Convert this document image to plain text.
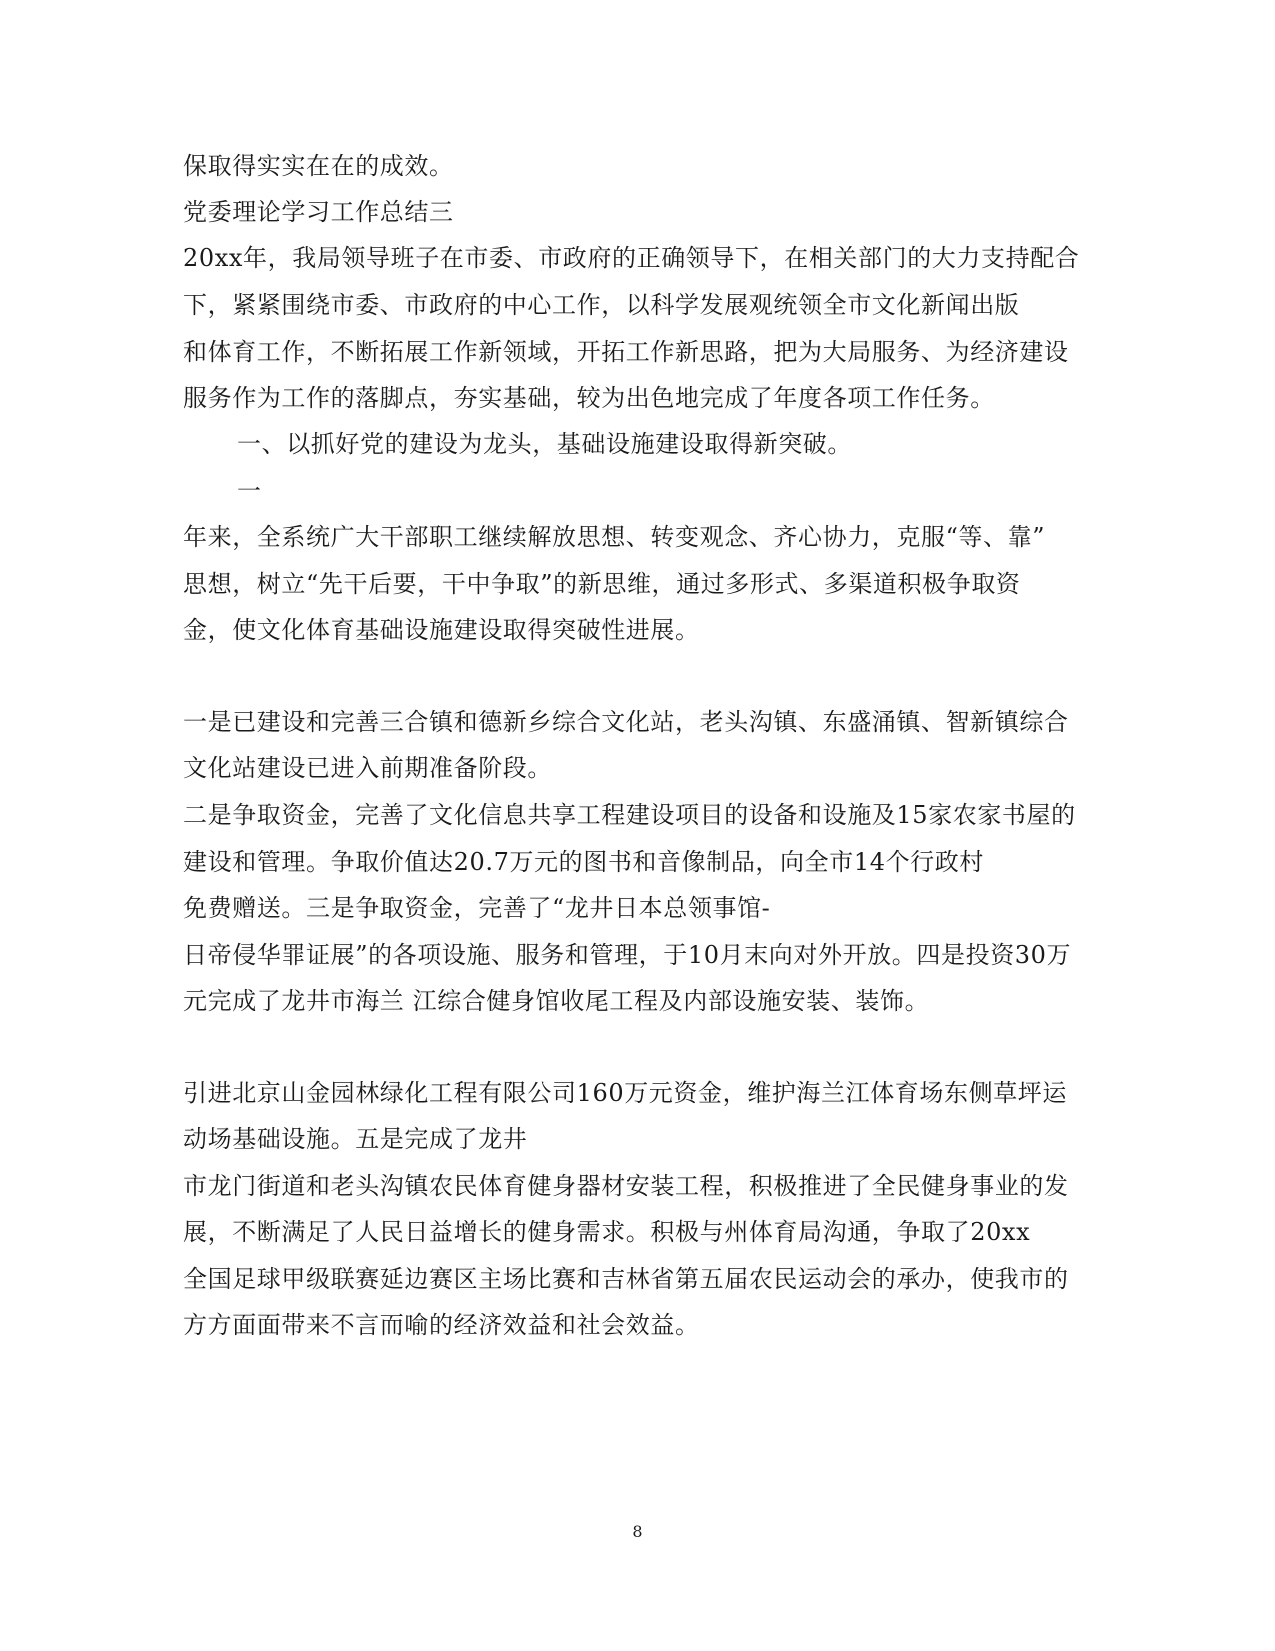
保取得实实在在的成效。
党委理论学习工作总结三
20xx年，我局领导班子在市委、市政府的正确领导下，在相关部门的大力支持配合
下，紧紧围绕市委、市政府的中心工作，以科学发展观统领全市文化新闻出版
和体育工作，不断拓展工作新领域，开拓工作新思路，把为大局服务、为经济建设
服务作为工作的落脚点，夯实基础，较为出色地完成了年度各项工作任务。
一、以抓好党的建设为龙头，基础设施建设取得新突破。
一
年来，全系统广大干部职工继续解放思想、转变观念、齐心协力，克服“等、靠”
思想，树立“先干后要，干中争取”的新思维，通过多形式、多渠道积极争取资
金，使文化体育基础设施建设取得突破性进展。
一是已建设和完善三合镇和德新乡综合文化站，老头沟镇、东盛涌镇、智新镇综合
文化站建设已进入前期准备阶段。
二是争取资金，完善了文化信息共享工程建设项目的设备和设施及15家农家书屋的
建设和管理。争取价值达20.7万元的图书和音像制品，向全市14个行政村
免费赠送。三是争取资金，完善了“龙井日本总领事馆-
日帝侵华罪证展”的各项设施、服务和管理，于10月末向对外开放。四是投资30万
元完成了龙井市海兰 江综合健身馆收尾工程及内部设施安装、装饰。
引进北京山金园林绿化工程有限公司160万元资金，维护海兰江体育场东侧草坪运
动场基础设施。五是完成了龙井
市龙门街道和老头沟镇农民体育健身器材安装工程，积极推进了全民健身事业的发
展，不断满足了人民日益增长的健身需求。积极与州体育局沟通，争取了20xx
全国足球甲级联赛延边赛区主场比赛和吉林省第五届农民运动会的承办，使我市的
方方面面带来不言而喻的经济效益和社会效益。
8
